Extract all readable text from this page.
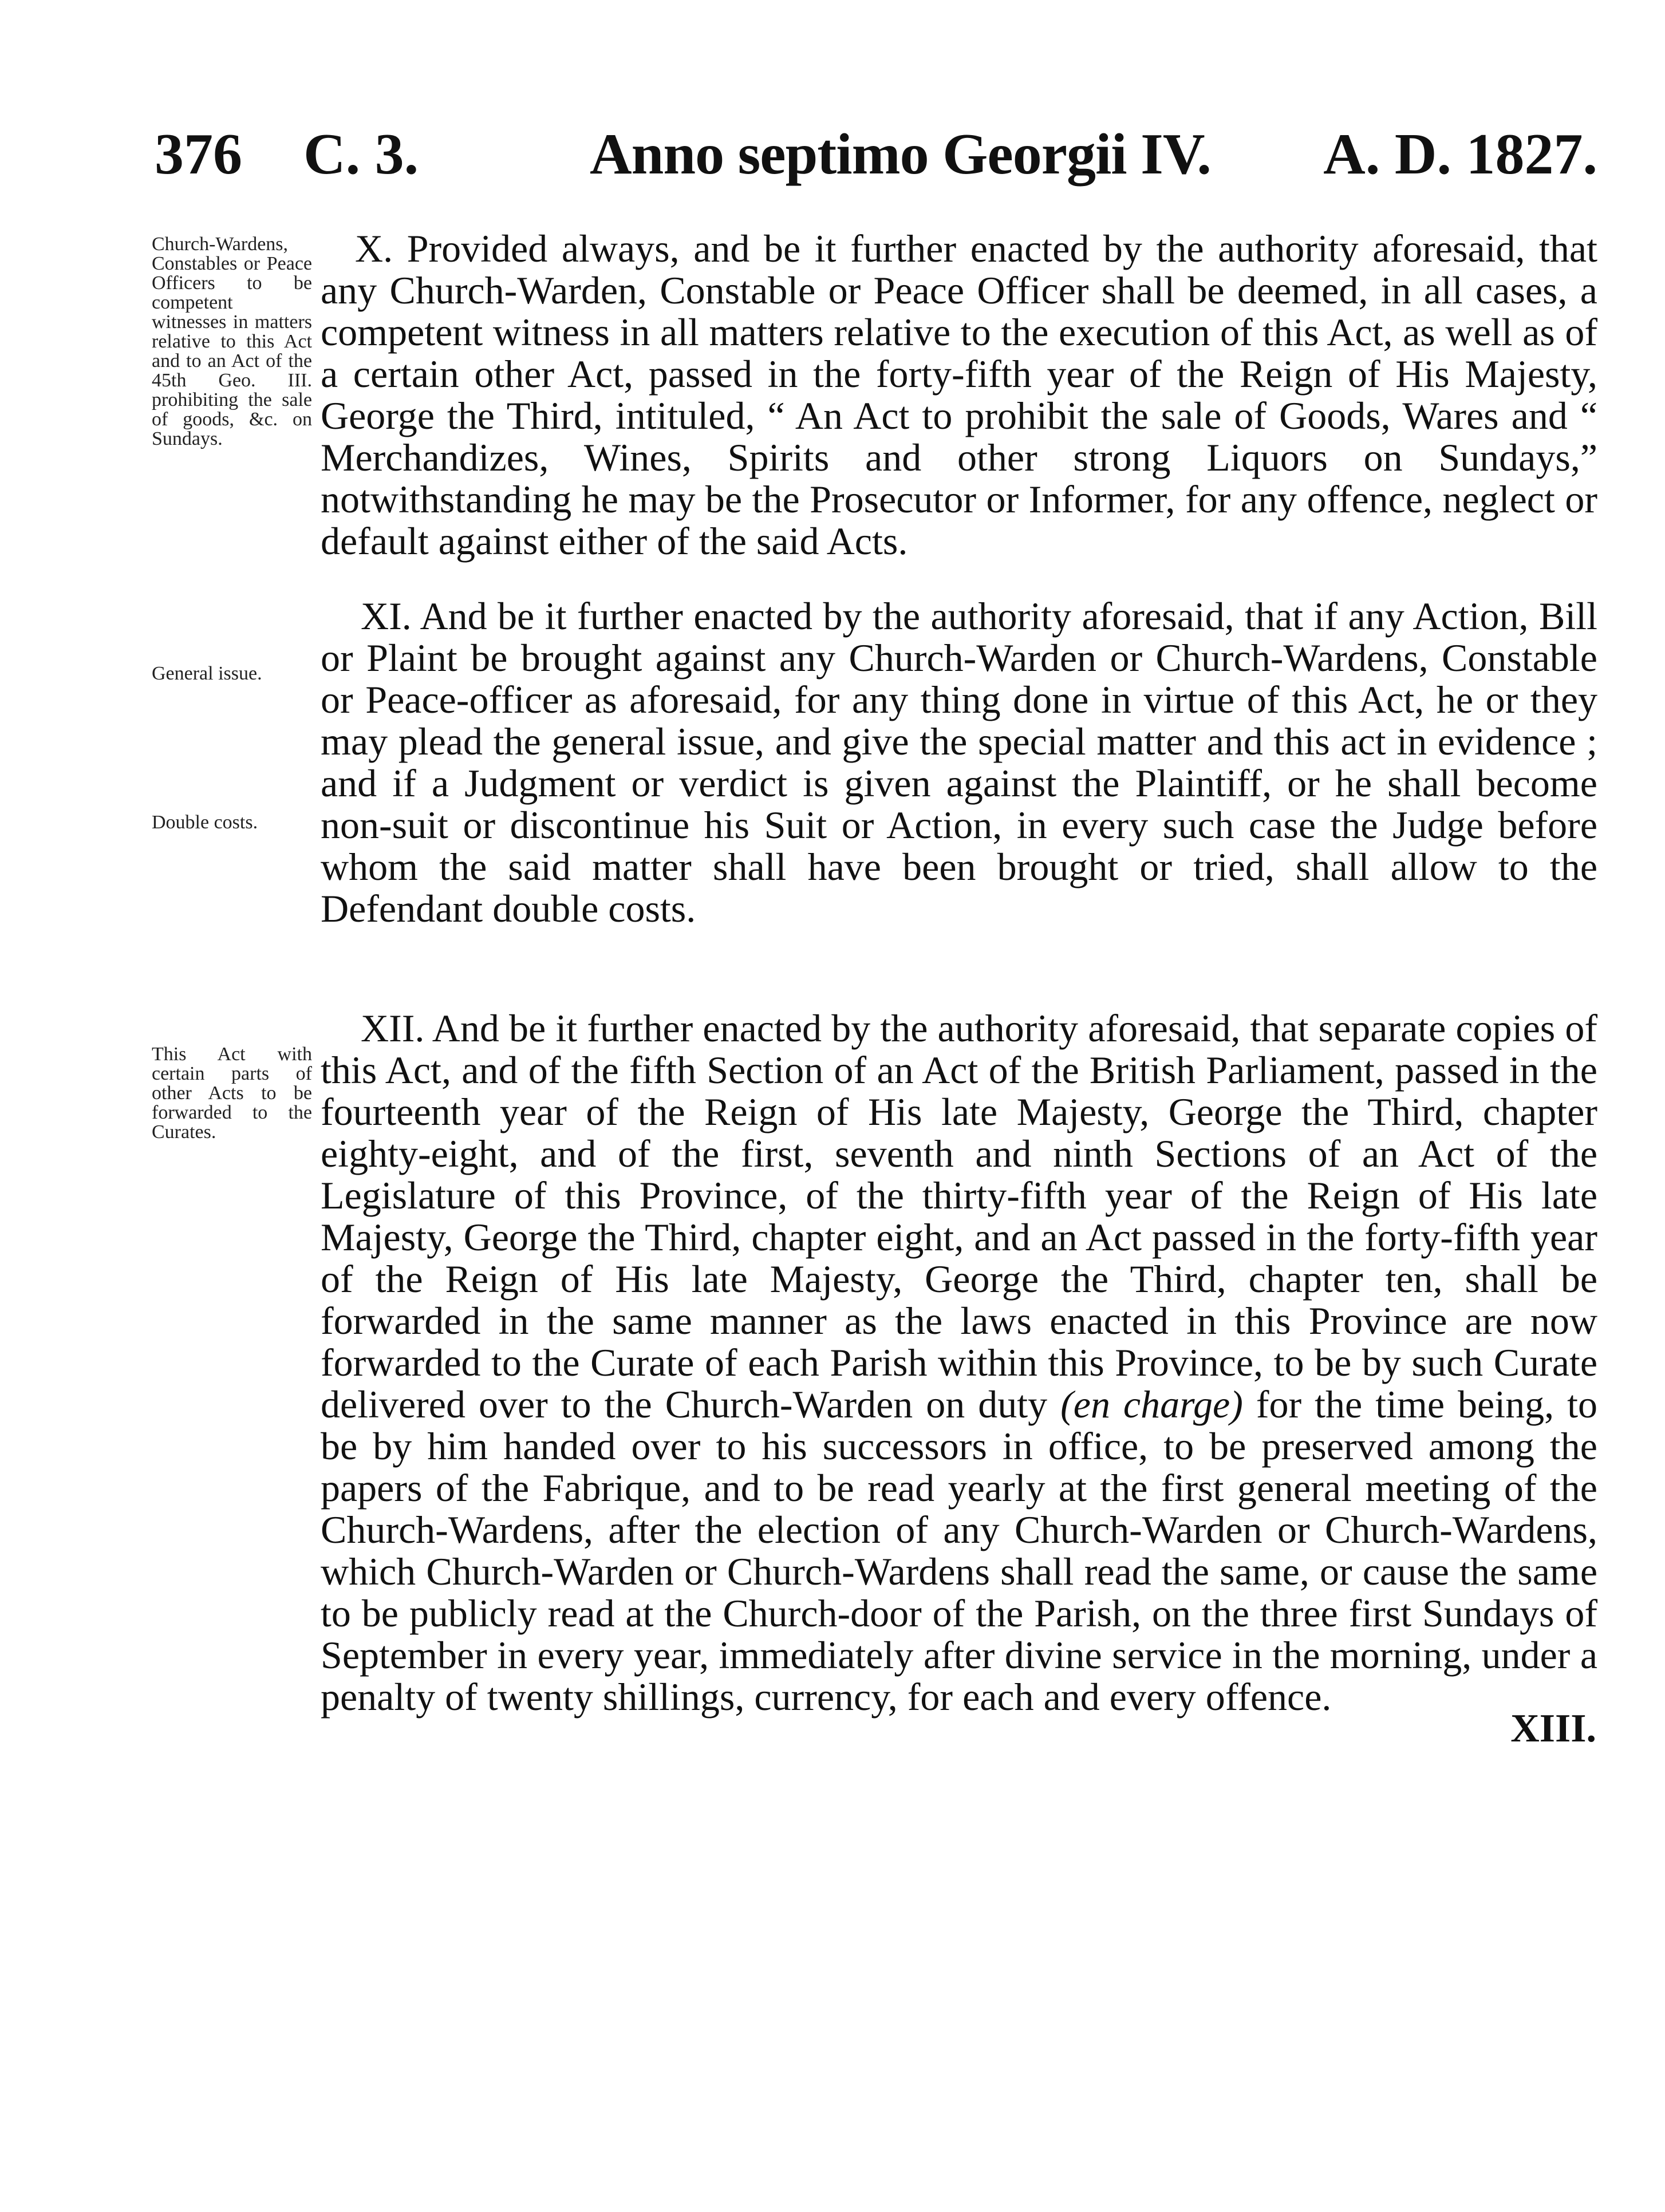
376 C. 3.	Anno septimo Georgii IV. A. D. 1827.
Church-Wardens, Constables or Peace Officers to be competent witnesses in matters relative to this Act and to an Act of the 45th Geo. III. prohibiting the sale of goods, &c. on Sundays.

X. Provided always, and be it further enacted by the authority aforesaid, that any Church-Warden, Constable or Peace Officer shall be deemed, in all cases, a competent witness in all matters relative to the execution of this Act, as well as of a certain other Act, passed in the forty-fifth year of the Reign of His Majesty, George the Third, intituled, “ An Act to prohibit the sale of Goods, Wares and “ Merchandizes, Wines, Spirits and other strong Liquors on Sundays,” notwithstanding he may be the Prosecutor or Informer, for any offence, neglect or default against either of the said Acts.

General issue.
Double costs.

XI. And be it further enacted by the authority aforesaid, that if any Action, Bill or Plaint be brought against any Church-Warden or Church-Wardens, Constable or Peace-officer as aforesaid, for any thing done in virtue of this Act, he or they may plead the general issue, and give the special matter and this act in evidence ; and if a Judgment or verdict is given against the Plaintiff, or he shall become non-suit or discontinue his Suit or Action, in every such case the Judge before whom the said matter shall have been brought or tried, shall allow to the Defendant double costs.

This Act with certain parts of other Acts to be forwarded to the Curates.

XII. And be it further enacted by the authority aforesaid, that separate copies of this Act, and of the fifth Section of an Act of the British Parliament, passed in the fourteenth year of the Reign of His late Majesty, George the Third, chapter eighty-eight, and of the first, seventh and ninth Sections of an Act of the Legislature of this Province, of the thirty-fifth year of the Reign of His late Majesty, George the Third, chapter eight, and an Act passed in the forty-fifth year of the Reign of His late Majesty, George the Third, chapter ten, shall be forwarded in the same manner as the laws enacted in this Province are now forwarded to the Curate of each Parish within this Province, to be by such Curate delivered over to the Church-Warden on duty (en charge) for the time being, to be by him handed over to his successors in office, to be preserved among the papers of the Fabrique, and to be read yearly at the first general meeting of the Church-Wardens, after the election of any Church-Warden or Church-Wardens, which Church-Warden or Church-Wardens shall read the same, or cause the same to be publicly read at the Church-door of the Parish, on the three first Sundays of September in every year, immediately after divine service in the morning, under a penalty of twenty shillings, currency, for each and every offence.

XIII.
